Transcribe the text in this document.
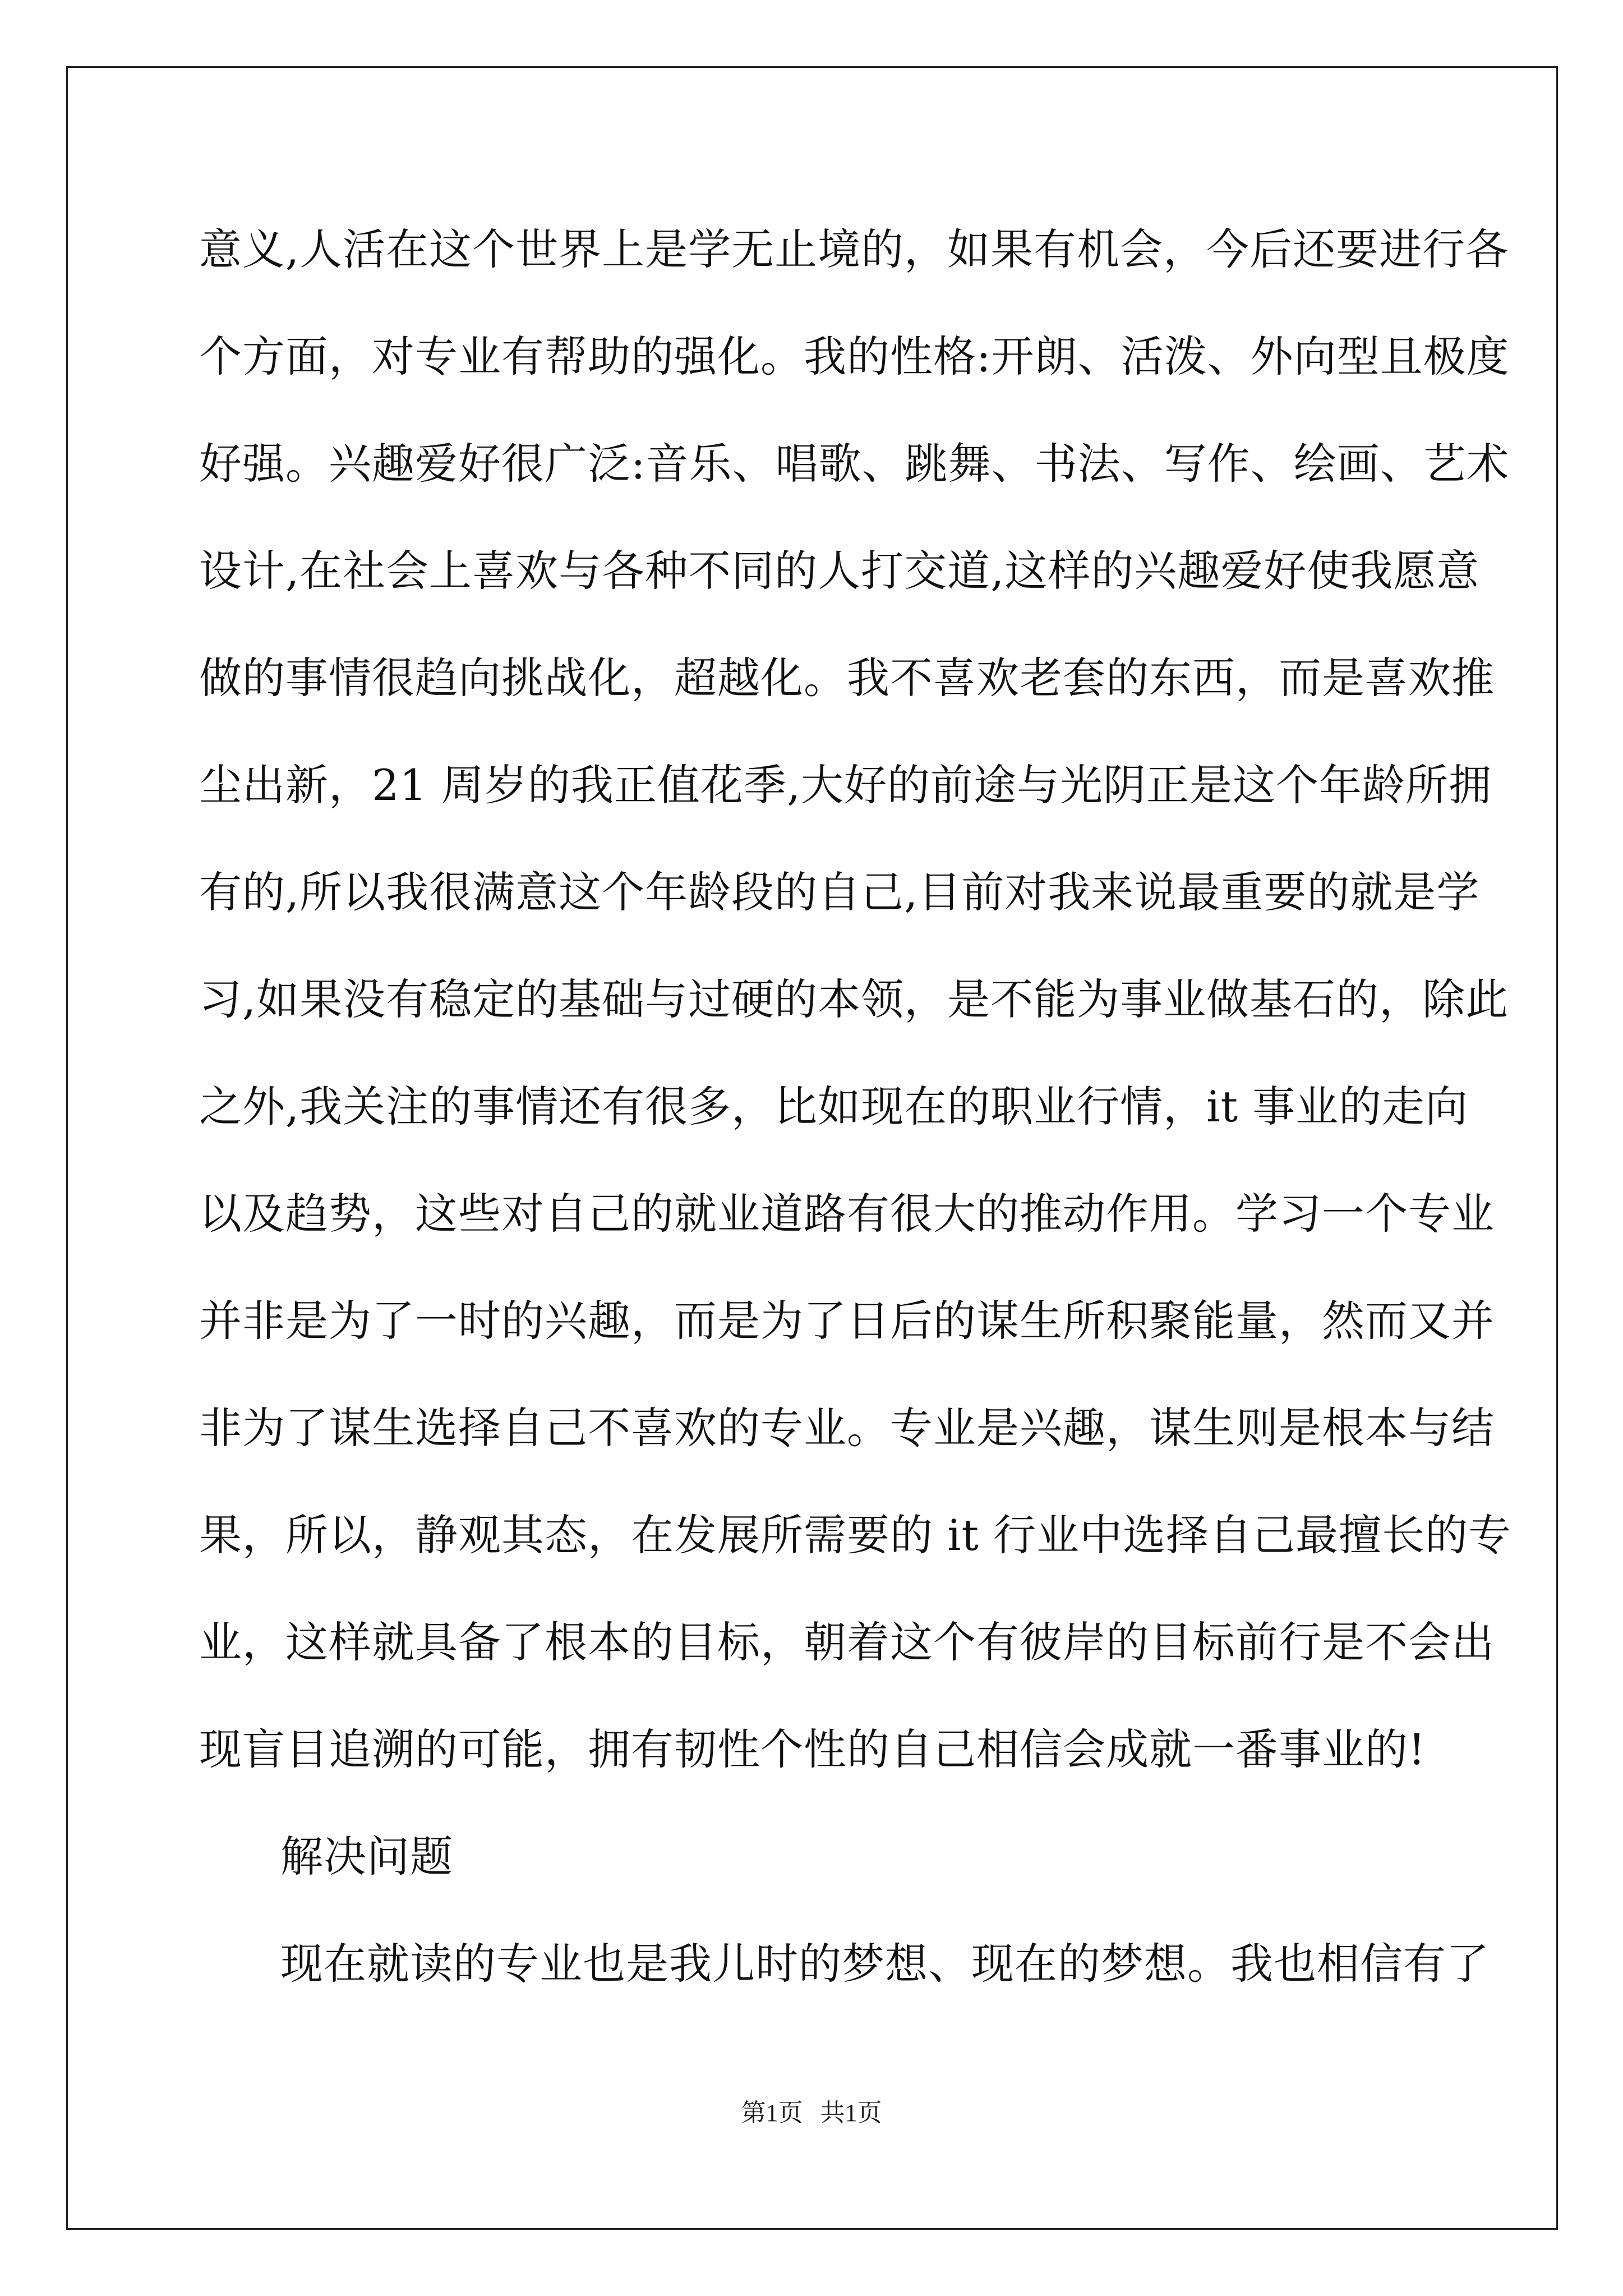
意义,人活在这个世界上是学无止境的，如果有机会，今后还要进行各
个方面，对专业有帮助的强化。我的性格:开朗、活泼、外向型且极度
好强。兴趣爱好很广泛:音乐、唱歌、跳舞、书法、写作、绘画、艺术
设计,在社会上喜欢与各种不同的人打交道,这样的兴趣爱好使我愿意
做的事情很趋向挑战化，超越化。我不喜欢老套的东西，而是喜欢推
尘出新，21 周岁的我正值花季,大好的前途与光阴正是这个年龄所拥
有的,所以我很满意这个年龄段的自己,目前对我来说最重要的就是学
习,如果没有稳定的基础与过硬的本领，是不能为事业做基石的，除此
之外,我关注的事情还有很多，比如现在的职业行情，it 事业的走向
以及趋势，这些对自己的就业道路有很大的推动作用。学习一个专业
并非是为了一时的兴趣，而是为了日后的谋生所积聚能量，然而又并
非为了谋生选择自己不喜欢的专业。专业是兴趣，谋生则是根本与结
果，所以，静观其态，在发展所需要的 it 行业中选择自己最擅长的专
业，这样就具备了根本的目标，朝着这个有彼岸的目标前行是不会出
现盲目追溯的可能，拥有韧性个性的自己相信会成就一番事业的!
解决问题
现在就读的专业也是我儿时的梦想、现在的梦想。我也相信有了
第1页 共1页
